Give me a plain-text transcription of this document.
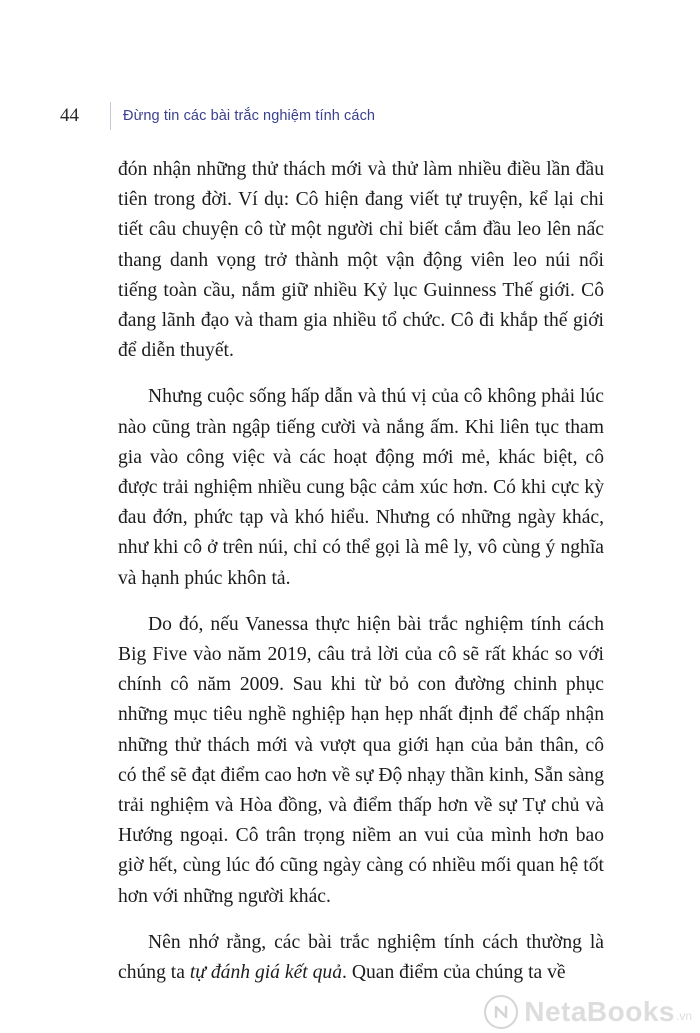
44	Đừng tin các bài trắc nghiệm tính cách

đón nhận những thử thách mới và thử làm nhiều điều lần đầu tiên trong đời. Ví dụ: Cô hiện đang viết tự truyện, kể lại chi tiết câu chuyện cô từ một người chỉ biết cắm đầu leo lên nấc thang danh vọng trở thành một vận động viên leo núi nổi tiếng toàn cầu, nắm giữ nhiều Kỷ lục Guinness Thế giới. Cô đang lãnh đạo và tham gia nhiều tổ chức. Cô đi khắp thế giới để diễn thuyết.

Nhưng cuộc sống hấp dẫn và thú vị của cô không phải lúc nào cũng tràn ngập tiếng cười và nắng ấm. Khi liên tục tham gia vào công việc và các hoạt động mới mẻ, khác biệt, cô được trải nghiệm nhiều cung bậc cảm xúc hơn. Có khi cực kỳ đau đớn, phức tạp và khó hiểu. Nhưng có những ngày khác, như khi cô ở trên núi, chỉ có thể gọi là mê ly, vô cùng ý nghĩa và hạnh phúc khôn tả.

Do đó, nếu Vanessa thực hiện bài trắc nghiệm tính cách Big Five vào năm 2019, câu trả lời của cô sẽ rất khác so với chính cô năm 2009. Sau khi từ bỏ con đường chinh phục những mục tiêu nghề nghiệp hạn hẹp nhất định để chấp nhận những thử thách mới và vượt qua giới hạn của bản thân, cô có thể sẽ đạt điểm cao hơn về sự Độ nhạy thần kinh, Sẵn sàng trải nghiệm và Hòa đồng, và điểm thấp hơn về sự Tự chủ và Hướng ngoại. Cô trân trọng niềm an vui của mình hơn bao giờ hết, cùng lúc đó cũng ngày càng có nhiều mối quan hệ tốt hơn với những người khác.

Nên nhớ rằng, các bài trắc nghiệm tính cách thường là chúng ta tự đánh giá kết quả. Quan điểm của chúng ta về

NetaBooks .vn
